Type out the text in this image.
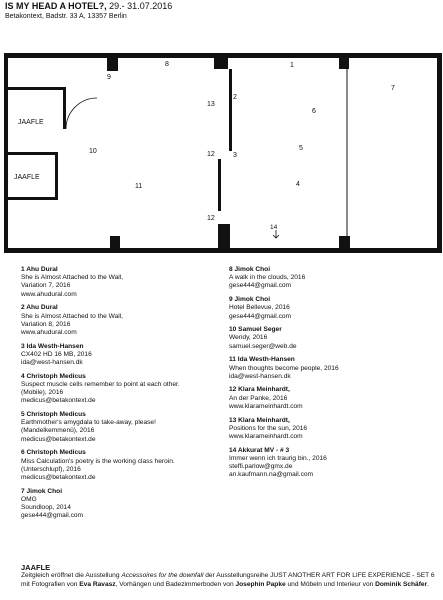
IS MY HEAD A HOTEL?, 29.- 31.07.2016
Betakontext, Badstr. 33 A, 13357 Berlin
JAAFLE
JAAFLE
1
2
3
4
5
6
7
8
9
10
11
12
12
13
14
1 Ahu Dural
She is Almost Attached to the Wall,
Variation 7, 2016
www.ahudural.com
2 Ahu Dural
She is Almost Attached to the Wall,
Variation 8, 2016
www.ahudural.com
3 Ida Westh-Hansen
CX402 HD 16 MB, 2016
ida@west-hansen.dk
4 Christoph Medicus
Suspect muscle cells remember to point at each other.
(Mobile), 2016
medicus@betakontext.de
5 Christoph Medicus
Earthmother's amygdala to take-away, please!
(Mandelkemmenü), 2016
medicus@betakontext.de
6 Christoph Medicus
Miss Calculation's poetry is the working class heroin.
(Unterschlupf), 2016
medicus@betakontext.de
7 Jimok Choi
OMG
Soundloop, 2014
gese444@gmail.com
8 Jimok Choi
A walk in the clouds, 2016
gese444@gmail.com
9 Jimok Choi
Hotel Bellevue, 2016
gese444@gmail.com
10 Samuel Seger
Wendy, 2016
samuel.seger@web.de
11 Ida Westh-Hansen
When thoughts become people, 2016
ida@west-hansen.dk
12 Klara Meinhardt,
An der Panke, 2016
www.klarameinhardt.com
13 Klara Meinhardt,
Positions for the sun, 2016
www.klarameinhardt.com
14 Akkurat MV - # 3
Immer wenn ich traurig bin., 2016
steffi.parlow@gmx.de
an.kaufmann.na@gmail.com
JAAFLE
Zeitgleich eröffnet die Ausstellung Accessoires for the downfall der Ausstellungsreihe JUST ANOTHER ART FOR LIFE EXPERIENCE - SET 6 mit Fotografien von Eva Ravasz, Vorhängen und Badezimmerboden von Josephin Papke und Möbeln und Interieur von Dominik Schäfer.
